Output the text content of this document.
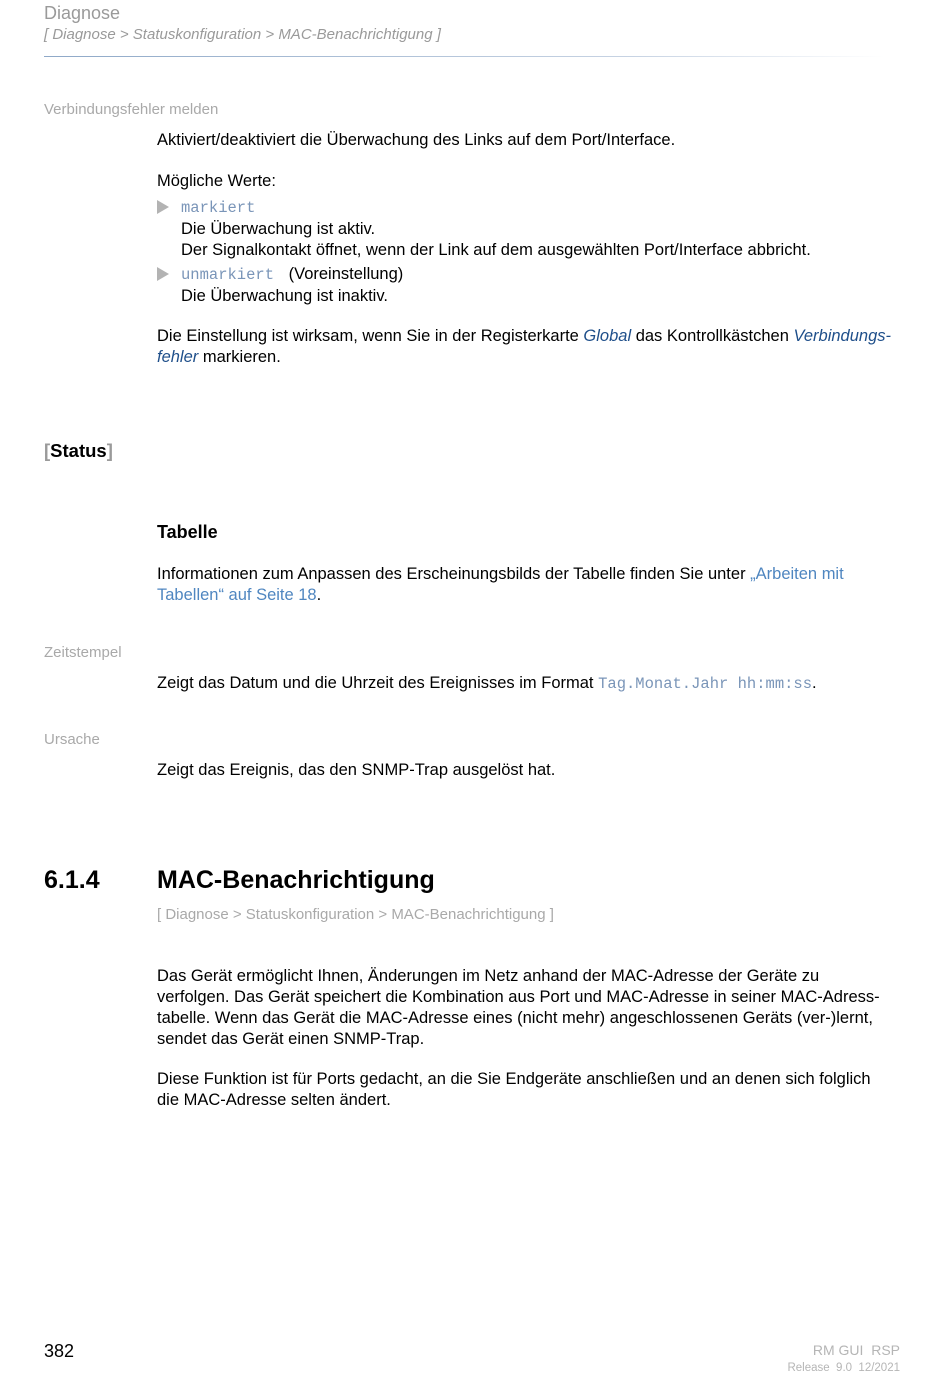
Diagnose
[ Diagnose > Statuskonfiguration > MAC-Benachrichtigung ]
Verbindungsfehler melden
Aktiviert/deaktiviert die Überwachung des Links auf dem Port/Interface.
Mögliche Werte:
markiert
Die Überwachung ist aktiv.
Der Signalkontakt öffnet, wenn der Link auf dem ausgewählten Port/Interface abbricht.
unmarkiert (Voreinstellung)
Die Überwachung ist inaktiv.
Die Einstellung ist wirksam, wenn Sie in der Registerkarte Global das Kontrollkästchen Verbindungs-
fehler markieren.
[Status]
Tabelle
Informationen zum Anpassen des Erscheinungsbilds der Tabelle finden Sie unter „Arbeiten mit
Tabellen“ auf Seite 18.
Zeitstempel
Zeigt das Datum und die Uhrzeit des Ereignisses im Format Tag.Monat.Jahr hh:mm:ss.
Ursache
Zeigt das Ereignis, das den SNMP-Trap ausgelöst hat.
6.1.4 MAC-Benachrichtigung
[ Diagnose > Statuskonfiguration > MAC-Benachrichtigung ]
Das Gerät ermöglicht Ihnen, Änderungen im Netz anhand der MAC-Adresse der Geräte zu
verfolgen. Das Gerät speichert die Kombination aus Port und MAC-Adresse in seiner MAC-Adress-
tabelle. Wenn das Gerät die MAC-Adresse eines (nicht mehr) angeschlossenen Geräts (ver-)lernt,
sendet das Gerät einen SNMP-Trap.
Diese Funktion ist für Ports gedacht, an die Sie Endgeräte anschließen und an denen sich folglich
die MAC-Adresse selten ändert.
382	RM GUI  RSP
Release  9.0  12/2021
